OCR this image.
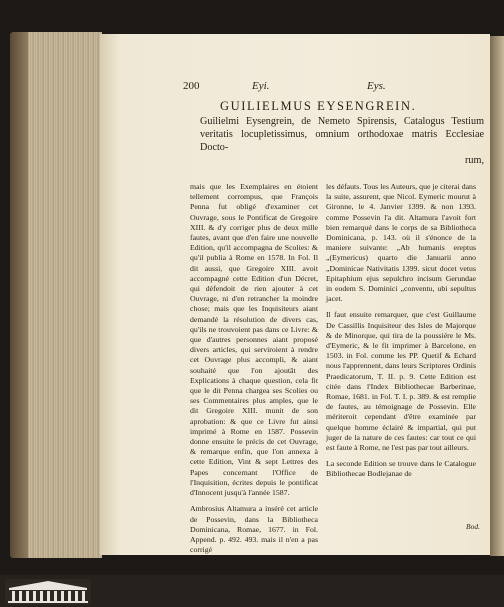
200	Eyi.	Eys.
GUILIELMUS EYSENGREIN.
Guilielmi Eysengrein, de Nemeto Spirensis, Catalogus Testium veritatis locupletissimus, omnium orthodoxae matris Ecclesiae Docto-
rum,

mais que les Exemplaires en étoient tellement corrompus, que François Penna fut obligé d'examiner cet Ouvrage, sous le Pontificat de Gregoire XIII. & d'y corriger plus de deux mille fautes, avant que d'en faire une nouvelle Edition, qu'il accompagna de Scolies: & qu'il publia à Rome en 1578. In Fol. Il dit aussi, que Gregoire XIII. avoit accompagné cette Edition d'un Décret, qui défendoit de rien ajouter à cet Ouvrage, ni d'en retrancher la moindre chose; mais que les Inquisiteurs aiant demandé la résolution de divers cas, qu'ils ne trouvoient pas dans ce Livre: & que d'autres personnes aiant proposé divers articles, qui serviroient à rendre cet Ouvrage plus accompli, & aiant souhaité que l'on ajoutât des Explications à chaque question, cela fit que le dit Penna chargea ses Scolies ou ses Commentaires plus amples, que le dit Gregoire XIII. munit de son aprobation: & que ce Livre fut ainsi imprimé à Rome en 1587. Possevin donne ensuite le précis de cet Ouvrage, & remarque enfin, que l'on annexa à cette Edition, Vint & sept Lettres des Papes concernant l'Office de l'Inquisition, écrites depuis le pontificat d'Innocent jusqu'à l'année 1587.

Ambrosius Altamura a inséré cet article de Possevin, dans la Bibliotheca Dominicana, Romae, 1677. in Fol. Append. p. 492. 493. mais il n'en a pas corrigé

les défauts. Tous les Auteurs, que je citerai dans la suite, assurent, que Nicol. Eymeric mourut à Gironne, le 4. Janvier 1399. & non 1393. comme Possevin l'a dit. Altamura l'avoit fort bien remarqué dans le corps de sa Bibliotheca Dominicana, p. 143. où il s'énonce de la maniere suivante: „Ab humanis ereptus „(Eymericus) quarto die Januarii anno „Dominicae Nativitatis 1399. sicut docet vetus Epitaphium ejus sepulchro incisum Gerundae in eodem S. Dominici „conventu, ubi sepultus jacet.

Il faut ensuite remarquer, que c'est Guillaume De Cassillis Inquisiteur des Isles de Majorque & de Minorque, qui tira de la poussiére le Ms. d'Eymeric, & le fit imprimer à Barcelone, en 1503. in Fol. comme les PP. Quetif & Echard nous l'apprennent, dans leurs Scriptores Ordinis Praedicatorum, T. II. p. 9. Cette Edition est citée dans l'Index Bibliothecae Barberinae, Romae, 1681. in Fol. T. I. p. 389. & est remplie de fautes, au témoignage de Possevin. Elle mériteroit cependant d'être examinée par quelque homme éclairé & impartial, qui put juger de la nature de ces fautes: car tout ce qui est faute à Rome, ne l'est pas par tout ailleurs.

La seconde Edition se trouve dans le Catalogue Bibliothecae Bodlejanae de

Bod.
